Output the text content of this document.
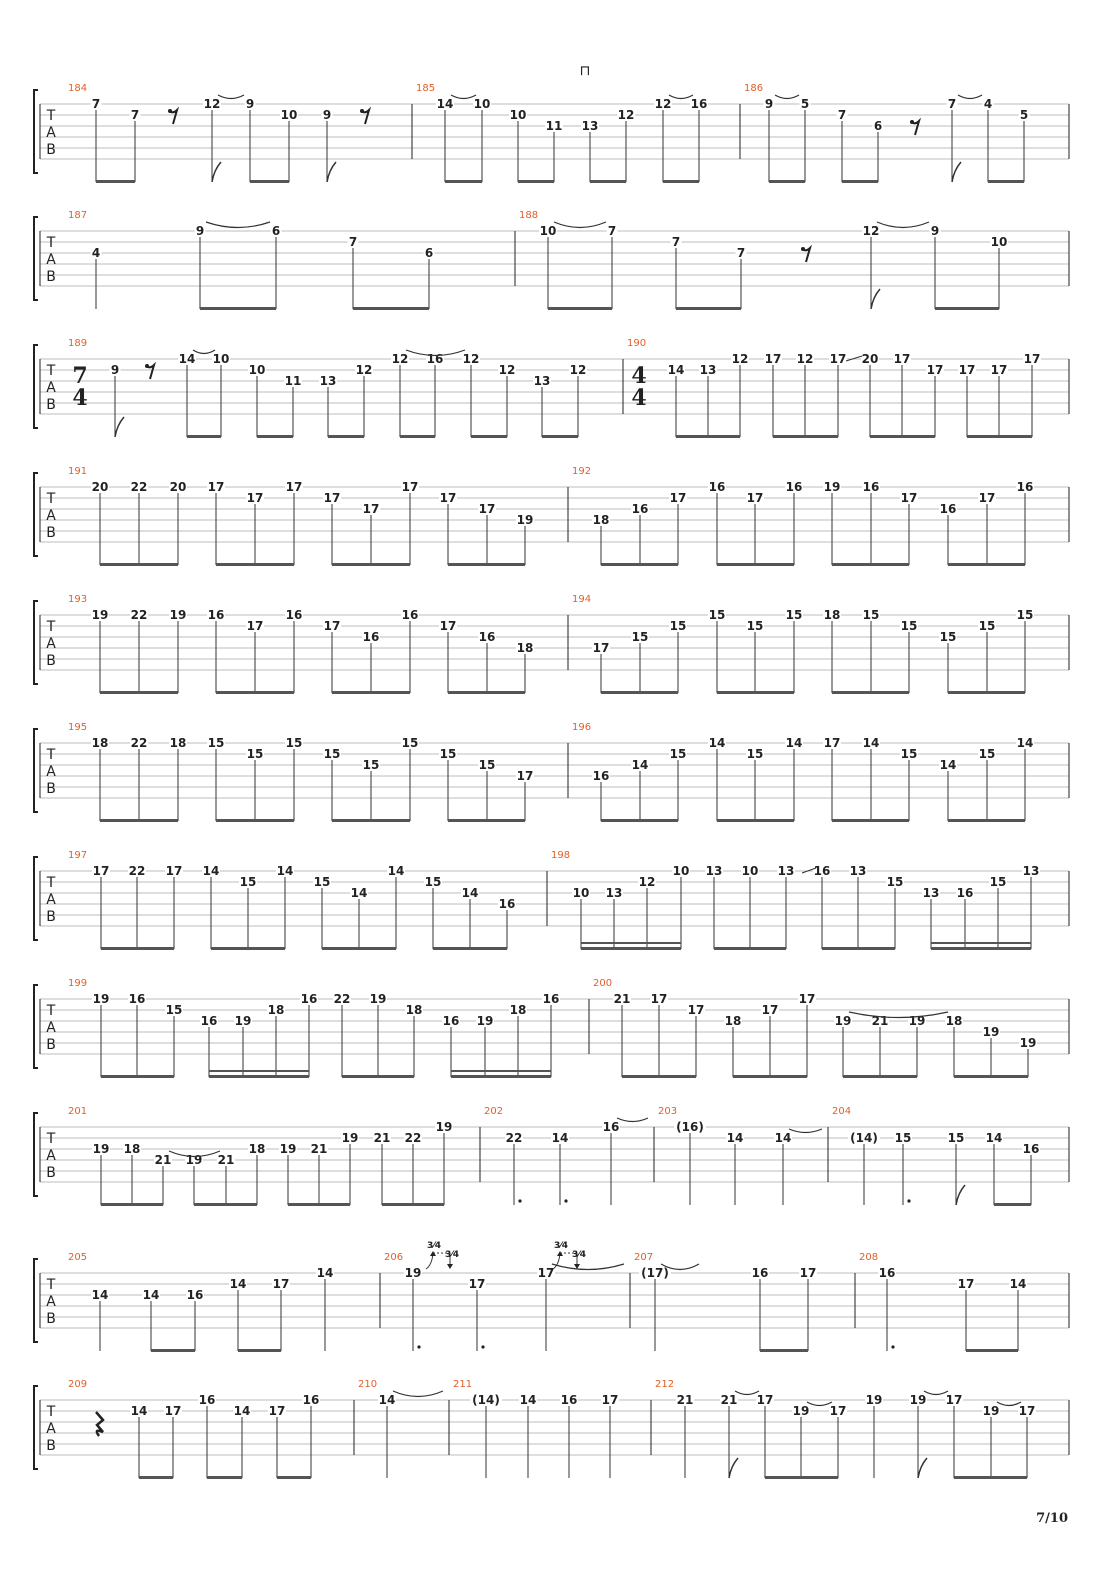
⊓
T
A
B
184
7
7
12 9
10 9
185
14 10
10
11 13
12
12 16
186
9 5
7
6
7 4
5
T
A
B
187
4
9	6
7
6
188
10	7
7
7
12	9
10
T
A
B
189
7
4
9
14 10
10
11 13
12
12 16 12
12
13
12
190
4
4
14 13
12 17 12 17 20 17
17 17 17
17
T
A
B
191
20 22 20 17
17
17
17
17
17
17
17
19
192
18
16
17
16
17
16 19 16
17
16
17
16
T
A
B
193
19 22 19 16
17
16
17
16
16
17
16
18
194
17
15
15
15
15
15 18 15
15
15
15
15
T
A
B
195
18 22 18 15
15
15
15
15
15
15
15
17
196
16
14
15
14
15
14 17 14
15
14
15
14
T
A
B
197
17 22 17 14
15
14
15
14
14
15
14
16
198
10 13
12
10 13 10 13 16 13
15
13 16
15
13
T
A
B
199
19 16
15
16 19
18
16 22 19
18
16 19
18
16
200
21 17
17
18
17
17
19 21 19 18
19
19
T
A
B
201
19 18
21 19 21
18 19 21
19 21 22
19
202
22 14
16
203
(16)
14	14
204
(14) 15	15 14
16
T
A
B
205
14	14 16
14 17
14
206
19
17
17
3⁄4
3⁄4
3⁄4
3⁄4	207
(17)	16	17
208
16
17	14
T
A
B
209
14 17
16
14 17
16
210
14
211
(14) 14 16 17
212
21 21 17
19 17
19 19 17
19 17
7/10
